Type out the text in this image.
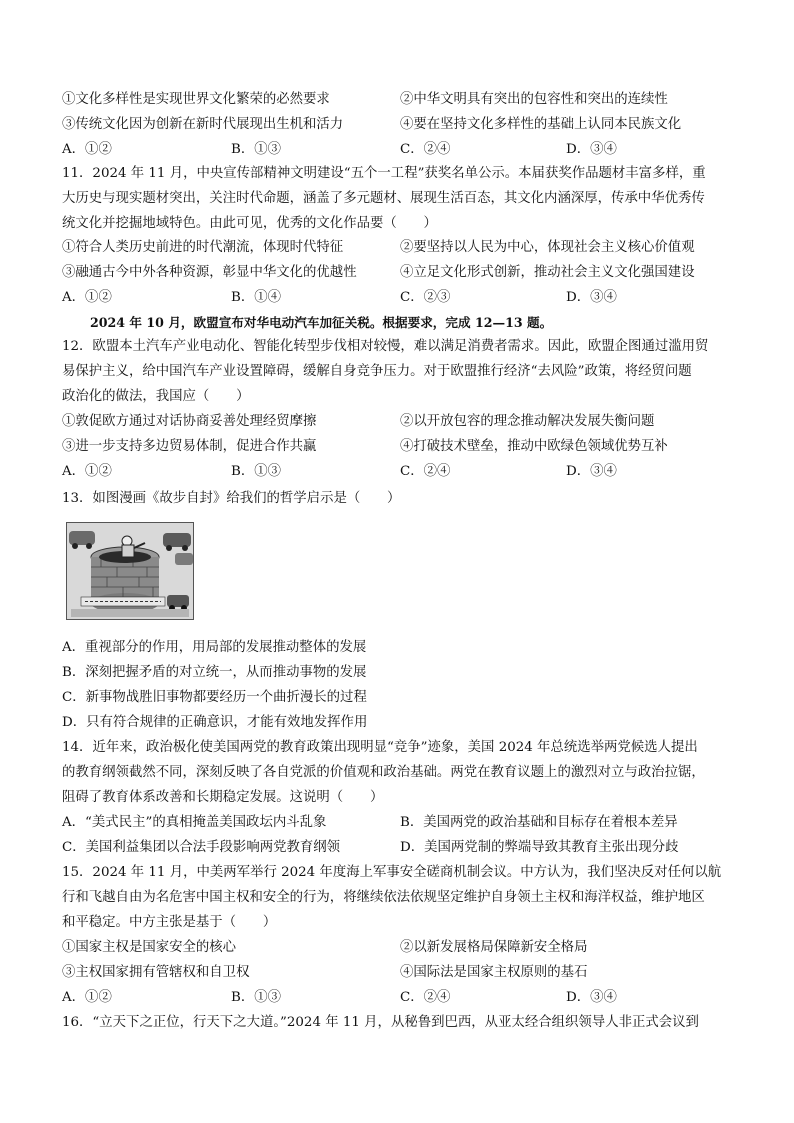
①文化多样性是实现世界文化繁荣的必然要求	②中华文明具有突出的包容性和突出的连续性
③传统文化因为创新在新时代展现出生机和活力	④要在坚持文化多样性的基础上认同本民族文化
A．①②	B．①③	C．②④	D．③④
11．2024 年 11 月，中央宣传部精神文明建设“五个一工程”获奖名单公示。本届获奖作品题材丰富多样，重
大历史与现实题材突出，关注时代命题，涵盖了多元题材、展现生活百态，其文化内涵深厚，传承中华优秀传
统文化并挖掘地域特色。由此可见，优秀的文化作品要（　　）
①符合人类历史前进的时代潮流，体现时代特征	②要坚持以人民为中心，体现社会主义核心价值观
③融通古今中外各种资源，彰显中华文化的优越性	④立足文化形式创新，推动社会主义文化强国建设
A．①②	B．①④	C．②③	D．③④
2024 年 10 月，欧盟宣布对华电动汽车加征关税。根据要求，完成 12—13 题。
12．欧盟本土汽车产业电动化、智能化转型步伐相对较慢，难以满足消费者需求。因此，欧盟企图通过滥用贸
易保护主义，给中国汽车产业设置障碍，缓解自身竞争压力。对于欧盟推行经济“去风险”政策，将经贸问题
政治化的做法，我国应（　　）
①敦促欧方通过对话协商妥善处理经贸摩擦	②以开放包容的理念推动解决发展失衡问题
③进一步支持多边贸易体制，促进合作共赢	④打破技术壁垒，推动中欧绿色领域优势互补
A．①②	B．①③	C．②④	D．③④
13．如图漫画《故步自封》给我们的哲学启示是（　　）
A．重视部分的作用，用局部的发展推动整体的发展
B．深刻把握矛盾的对立统一，从而推动事物的发展
C．新事物战胜旧事物都要经历一个曲折漫长的过程
D．只有符合规律的正确意识，才能有效地发挥作用
14．近年来，政治极化使美国两党的教育政策出现明显“竞争”迹象，美国 2024 年总统选举两党候选人提出
的教育纲领截然不同，深刻反映了各自党派的价值观和政治基础。两党在教育议题上的激烈对立与政治拉锯，
阻碍了教育体系改善和长期稳定发展。这说明（　　）
A．“美式民主”的真相掩盖美国政坛内斗乱象	B．美国两党的政治基础和目标存在着根本差异
C．美国利益集团以合法手段影响两党教育纲领	D．美国两党制的弊端导致其教育主张出现分歧
15．2024 年 11 月，中美两军举行 2024 年度海上军事安全磋商机制会议。中方认为，我们坚决反对任何以航
行和飞越自由为名危害中国主权和安全的行为，将继续依法依规坚定维护自身领土主权和海洋权益，维护地区
和平稳定。中方主张是基于（　　）
①国家主权是国家安全的核心	②以新发展格局保障新安全格局
③主权国家拥有管辖权和自卫权	④国际法是国家主权原则的基石
A．①②	B．①③	C．②④	D．③④
16．“立天下之正位，行天下之大道。”2024 年 11 月，从秘鲁到巴西，从亚太经合组织领导人非正式会议到
